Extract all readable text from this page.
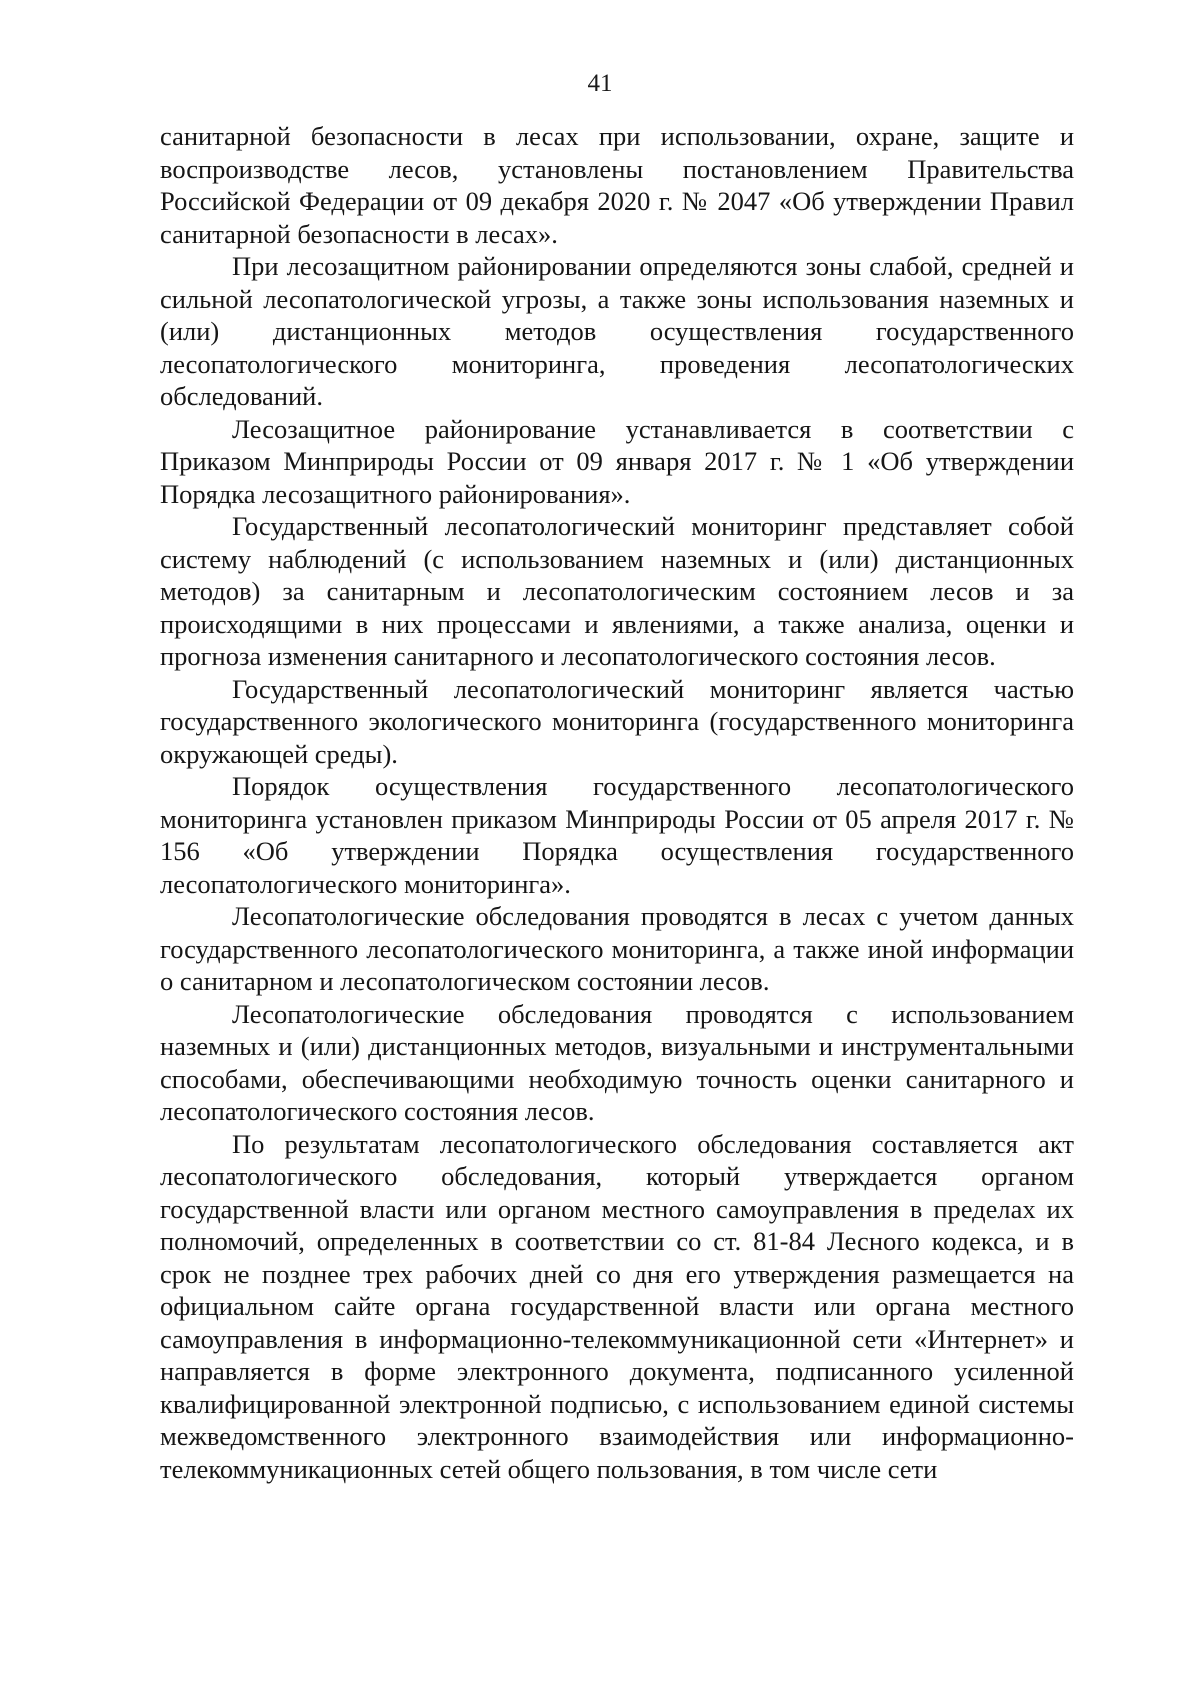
41

санитарной безопасности в лесах при использовании, охране, защите и воспроизводстве лесов, установлены постановлением Правительства Российской Федерации от 09 декабря 2020 г. № 2047 «Об утверждении Правил санитарной безопасности в лесах».

При лесозащитном районировании определяются зоны слабой, средней и сильной лесопатологической угрозы, а также зоны использования наземных и (или) дистанционных методов осуществления государственного лесопатологического мониторинга, проведения лесопатологических обследований.

Лесозащитное районирование устанавливается в соответствии с Приказом Минприроды России от 09 января 2017 г. № 1 «Об утверждении Порядка лесозащитного районирования».

Государственный лесопатологический мониторинг представляет собой систему наблюдений (с использованием наземных и (или) дистанционных методов) за санитарным и лесопатологическим состоянием лесов и за происходящими в них процессами и явлениями, а также анализа, оценки и прогноза изменения санитарного и лесопатологического состояния лесов.

Государственный лесопатологический мониторинг является частью государственного экологического мониторинга (государственного мониторинга окружающей среды).

Порядок осуществления государственного лесопатологического мониторинга установлен приказом Минприроды России от 05 апреля 2017 г. № 156 «Об утверждении Порядка осуществления государственного лесопатологического мониторинга».

Лесопатологические обследования проводятся в лесах с учетом данных государственного лесопатологического мониторинга, а также иной информации о санитарном и лесопатологическом состоянии лесов.

Лесопатологические обследования проводятся с использованием наземных и (или) дистанционных методов, визуальными и инструментальными способами, обеспечивающими необходимую точность оценки санитарного и лесопатологического состояния лесов.

По результатам лесопатологического обследования составляется акт лесопатологического обследования, который утверждается органом государственной власти или органом местного самоуправления в пределах их полномочий, определенных в соответствии со ст. 81-84 Лесного кодекса, и в срок не позднее трех рабочих дней со дня его утверждения размещается на официальном сайте органа государственной власти или органа местного самоуправления в информационно-телекоммуникационной сети «Интернет» и направляется в форме электронного документа, подписанного усиленной квалифицированной электронной подписью, с использованием единой системы межведомственного электронного взаимодействия или информационно-телекоммуникационных сетей общего пользования, в том числе сети
